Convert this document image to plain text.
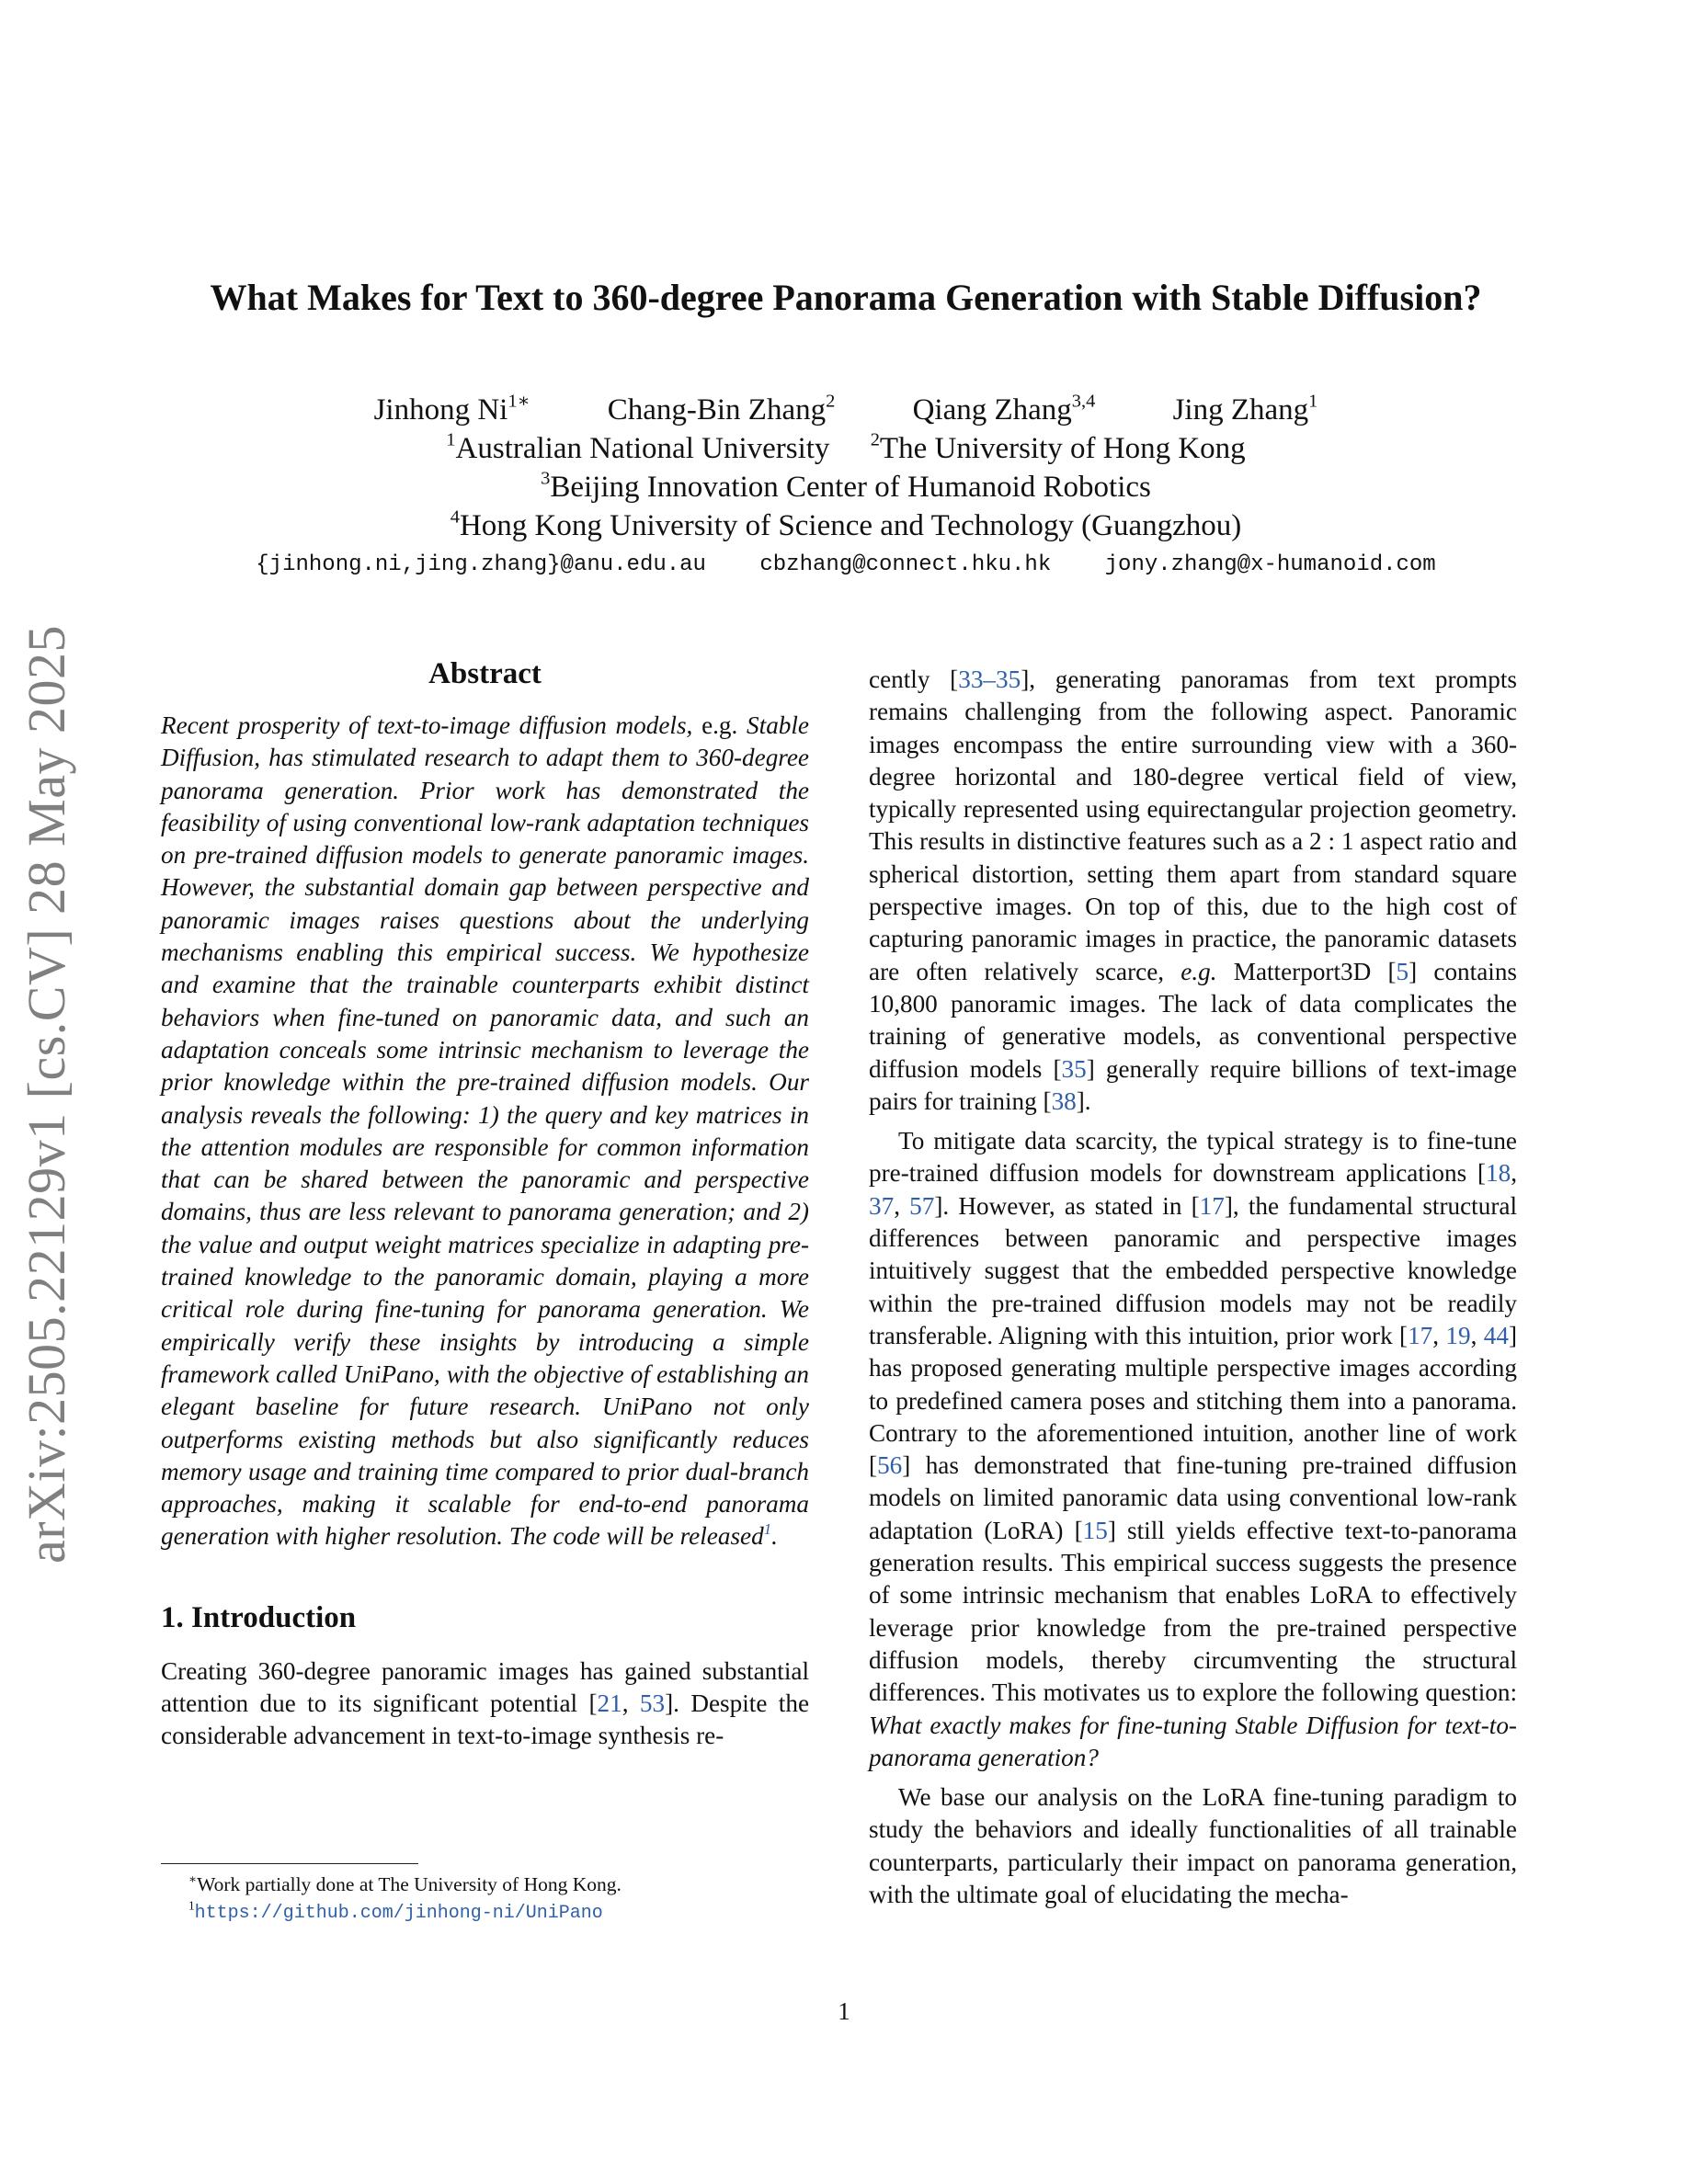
arXiv:2505.22129v1 [cs.CV] 28 May 2025
What Makes for Text to 360-degree Panorama Generation with Stable Diffusion?
Jinhong $Ni^{1∗}$	Chang-Bin Zhang$^2$	Qiang Zhang$^{3,4}$	Jing Zhang$^1$
$^1$Australian National University $^2$The University of Hong Kong
$^3$Beijing Innovation Center of Humanoid Robotics
$^4$Hong Kong University of Science and Technology (Guangzhou)
{jinhong.ni,jing.zhang}@anu.edu.au cbzhang@connect.hku.hk jony.zhang@x-humanoid.com
Abstract

Recent prosperity of text-to-image diffusion models, e.g. Stable Diffusion, has stimulated research to adapt them to 360-degree panorama generation. Prior work has demonstrated the feasibility of using conventional low-rank adaptation techniques on pre-trained diffusion models to generate panoramic images. However, the substantial domain gap between perspective and panoramic images raises questions about the underlying mechanisms enabling this empirical success. We hypothesize and examine that the trainable counterparts exhibit distinct behaviors when fine-tuned on panoramic data, and such an adaptation conceals some intrinsic mechanism to leverage the prior knowledge within the pre-trained diffusion models. Our analysis reveals the following: 1) the query and key matrices in the attention modules are responsible for common information that can be shared between the panoramic and perspective domains, thus are less relevant to panorama generation; and 2) the value and output weight matrices specialize in adapting pre-trained knowledge to the panoramic domain, playing a more critical role during fine-tuning for panorama generation. We empirically verify these insights by introducing a simple framework called UniPano, with the objective of establishing an elegant baseline for future research. UniPano not only outperforms existing methods but also significantly reduces memory usage and training time compared to prior dual-branch approaches, making it scalable for end-to-end panorama generation with higher resolution. The code will be released$^1$.

1. Introduction

Creating 360-degree panoramic images has gained substantial attention due to its significant potential [21, 53]. Despite the considerable advancement in text-to-image synthesis re-

cently [33–35], generating panoramas from text prompts remains challenging from the following aspect. Panoramic images encompass the entire surrounding view with a 360-degree horizontal and 180-degree vertical field of view, typically represented using equirectangular projection geometry. This results in distinctive features such as a 2 : 1 aspect ratio and spherical distortion, setting them apart from standard square perspective images. On top of this, due to the high cost of capturing panoramic images in practice, the panoramic datasets are often relatively scarce, e.g. Matterport3D [5] contains 10,800 panoramic images. The lack of data complicates the training of generative models, as conventional perspective diffusion models [35] generally require billions of text-image pairs for training [38].

To mitigate data scarcity, the typical strategy is to fine-tune pre-trained diffusion models for downstream applications [18, 37, 57]. However, as stated in [17], the fundamental structural differences between panoramic and perspective images intuitively suggest that the embedded perspective knowledge within the pre-trained diffusion models may not be readily transferable. Aligning with this intuition, prior work [17, 19, 44] has proposed generating multiple perspective images according to predefined camera poses and stitching them into a panorama. Contrary to the aforementioned intuition, another line of work [56] has demonstrated that fine-tuning pre-trained diffusion models on limited panoramic data using conventional low-rank adaptation (LoRA) [15] still yields effective text-to-panorama generation results. This empirical success suggests the presence of some intrinsic mechanism that enables LoRA to effectively leverage prior knowledge from the pre-trained perspective diffusion models, thereby circumventing the structural differences. This motivates us to explore the following question: What exactly makes for fine-tuning Stable Diffusion for text-to-panorama generation?

We base our analysis on the LoRA fine-tuning paradigm to study the behaviors and ideally functionalities of all trainable counterparts, particularly their impact on panorama generation, with the ultimate goal of elucidating the mecha-

∗Work partially done at The University of Hong Kong.
$^1$https://github.com/jinhong-ni/UniPano
1
